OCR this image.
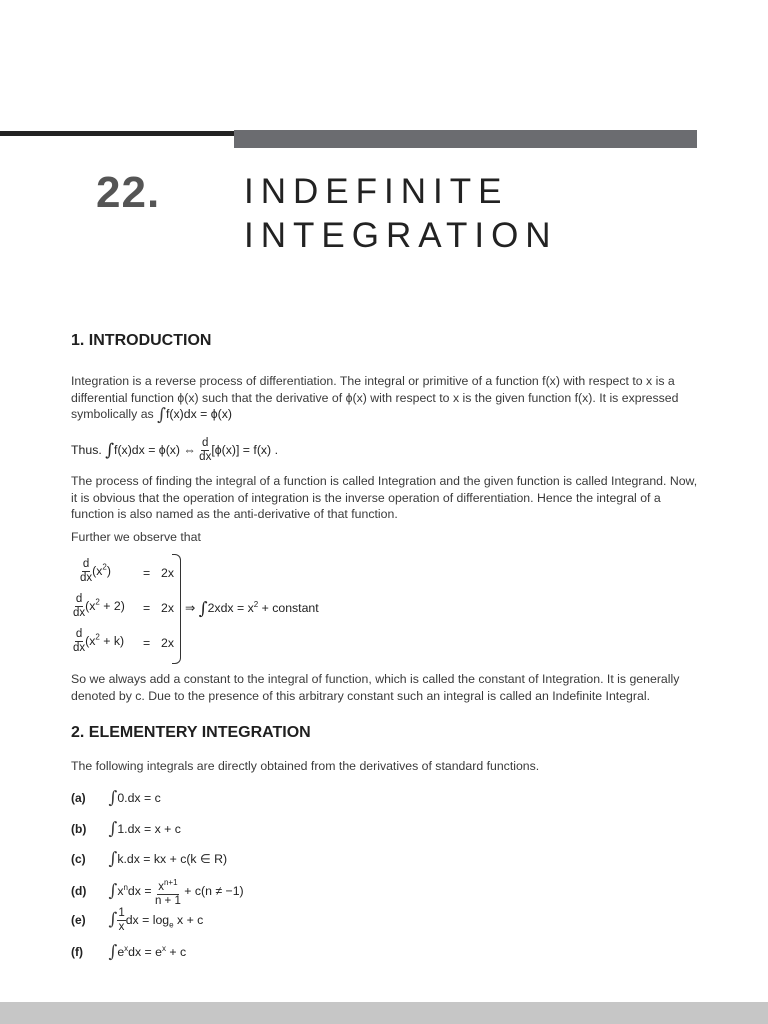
22. INDEFINITE
INTEGRATION
1. INTRODUCTION

Integration is a reverse process of differentiation. The integral or primitive of a function f(x) with respect to x is a differential function ϕ(x) such that the derivative of ϕ(x) with respect to x is the given function f(x). It is expressed symbolically as ∫f(x)dx = ϕ(x)

Thus. ∫f(x)dx = ϕ(x) ⇔ $\frac{d}{dx} [\phi(x)] = f(x)$ .

The process of finding the integral of a function is called Integration and the given function is called Integrand. Now, it is obvious that the operation of integration is the inverse operation of differentiation. Hence the integral of a function is also named as the anti-derivative of that function.

Further we observe that

$\frac{d}{dx} (x^2)$	= 2x
$\frac{d}{dx} (x^2 + 2) = 2x$
$\frac{d}{dx} (x^2 + k) = 2x$
⇒ $\int 2xdx = x^2$ + constant

So we always add a constant to the integral of function, which is called the constant of Integration. It is generally denoted by c. Due to the presence of this arbitrary constant such an integral is called an Indefinite Integral.

2. ELEMENTERY INTEGRATION

The following integrals are directly obtained from the derivatives of standard functions.

(a) ∫0.dx = c
(b) ∫1.dx = x + c
(c) ∫k.dx = kx + c(k ∈ R)
(d) $\int x^ndx = \frac{x^{n+1}}{n + 1} + c(n \ne -1)$
(e) ∫ $\frac{1}{x}$ dx = $\log_e x + c$
(f) $\int e^xdx = e^x + c$
